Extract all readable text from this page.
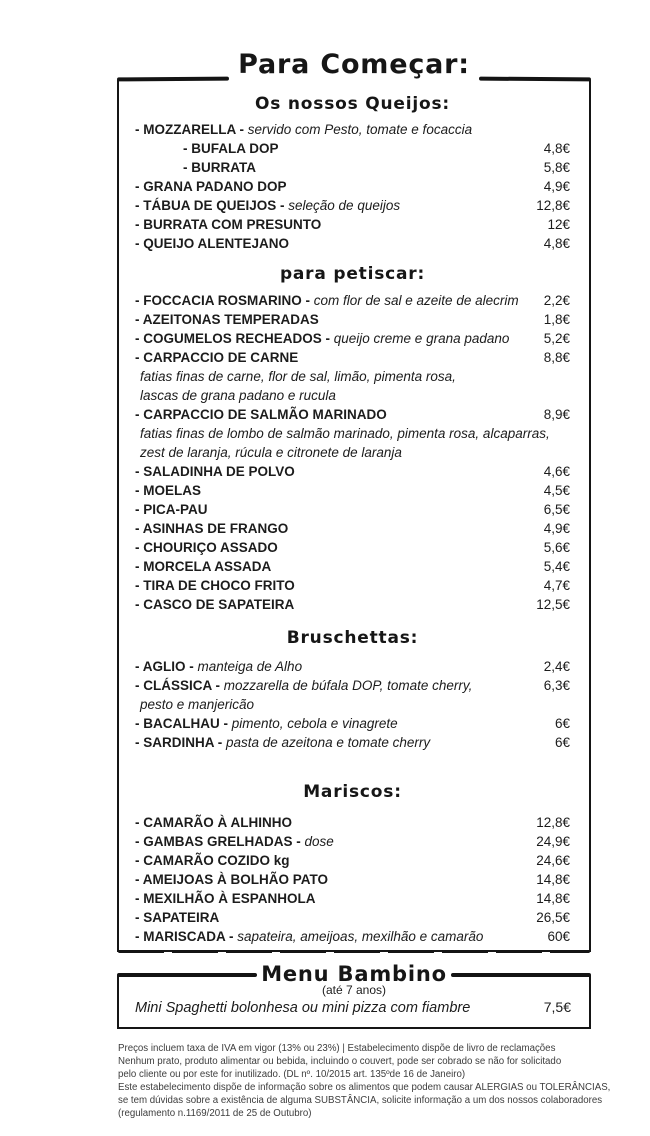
Para Começar:
Os nossos Queijos:
- MOZZARELLA - servido com Pesto, tomate e focaccia
- BUFALA DOP	4,8€
- BURRATA	5,8€
- GRANA PADANO DOP	4,9€
- TÁBUA DE QUEIJOS - seleção de queijos	12,8€
- BURRATA COM PRESUNTO	12€
- QUEIJO ALENTEJANO	4,8€
para petiscar:
- FOCCACIA ROSMARINO - com flor de sal e azeite de alecrim	2,2€
- AZEITONAS TEMPERADAS	1,8€
- COGUMELOS RECHEADOS - queijo creme e grana padano	5,2€
- CARPACCIO DE CARNE	8,8€
fatias finas de carne, flor de sal, limão, pimenta rosa,
lascas de grana padano e rucula
- CARPACCIO DE SALMÃO MARINADO	8,9€
fatias finas de lombo de salmão marinado, pimenta rosa, alcaparras,
zest de laranja, rúcula e citronete de laranja
- SALADINHA DE POLVO	4,6€
- MOELAS	4,5€
- PICA-PAU	6,5€
- ASINHAS DE FRANGO	4,9€
- CHOURIÇO ASSADO	5,6€
- MORCELA ASSADA	5,4€
- TIRA DE CHOCO FRITO	4,7€
- CASCO DE SAPATEIRA	12,5€
Bruschettas:
- AGLIO - manteiga de Alho	2,4€
- CLÁSSICA - mozzarella de búfala DOP, tomate cherry,	6,3€
pesto e manjericão
- BACALHAU - pimento, cebola e vinagrete	6€
- SARDINHA - pasta de azeitona e tomate cherry	6€
Mariscos:
- CAMARÃO À ALHINHO	12,8€
- GAMBAS GRELHADAS - dose	24,9€
- CAMARÃO COZIDO kg	24,6€
- AMEIJOAS À BOLHÃO PATO	14,8€
- MEXILHÃO À ESPANHOLA	14,8€
- SAPATEIRA	26,5€
- MARISCADA - sapateira, ameijoas, mexilhão e camarão	60€
Menu Bambino
(até 7 anos)
Mini Spaghetti bolonhesa ou mini pizza com fiambre	7,5€
Preços incluem taxa de IVA em vigor (13% ou 23%) | Estabelecimento dispõe de livro de reclamações
Nenhum prato, produto alimentar ou bebida, incluindo o couvert, pode ser cobrado se não for solicitado
pelo cliente ou por este for inutilizado. (DL nº. 10/2015 art. 135ºde 16 de Janeiro)
Este estabelecimento dispõe de informação sobre os alimentos que podem causar ALERGIAS ou TOLERÂNCIAS,
se tem dúvidas sobre a existência de alguma SUBSTÂNCIA, solicite informação a um dos nossos colaboradores
(regulamento n.1169/2011 de 25 de Outubro)
